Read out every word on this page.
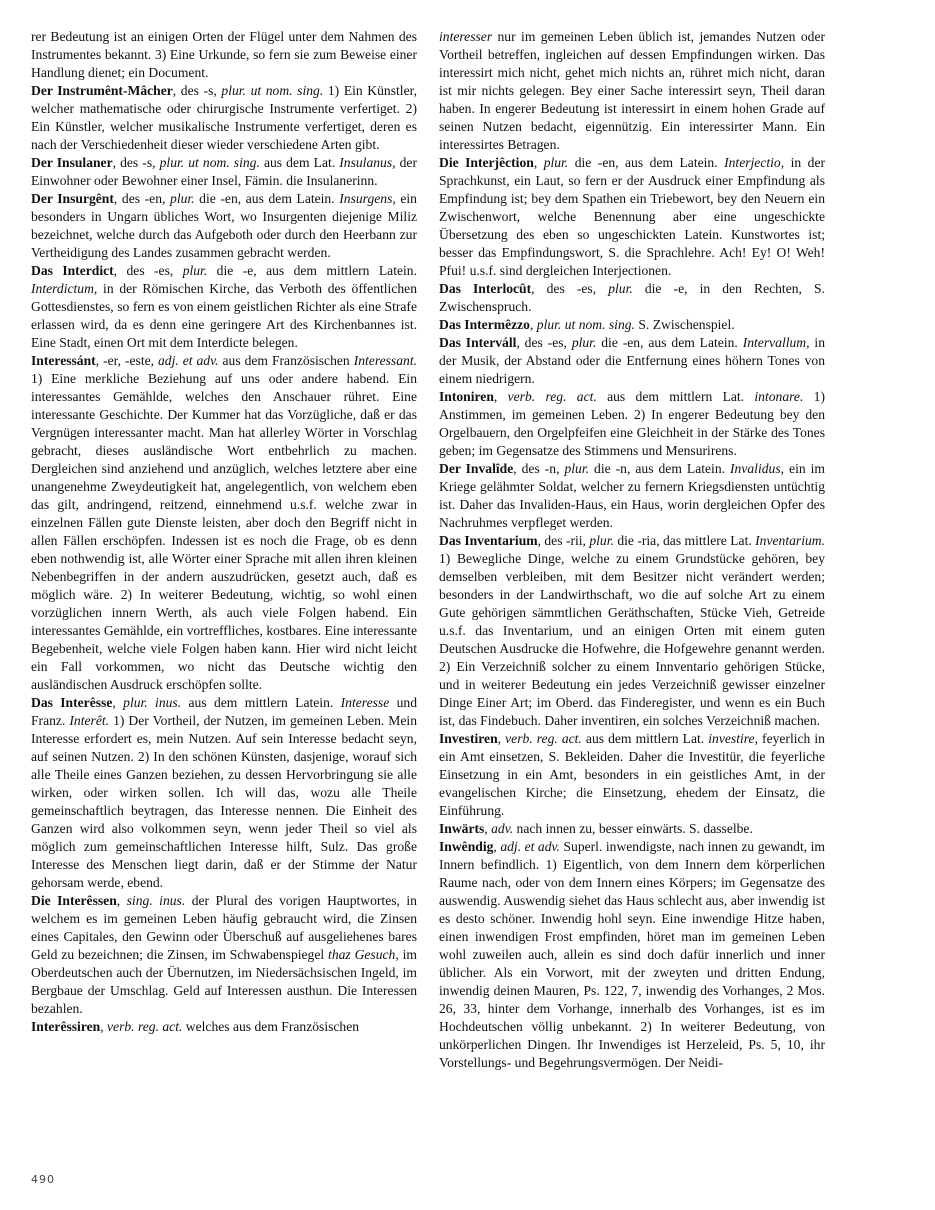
rer Bedeutung ist an einigen Orten der Flügel unter dem Nahmen des Instrumentes bekannt. 3) Eine Urkunde, so fern sie zum Beweise einer Handlung dienet; ein Document.

Der Instrumênt-Mâcher, des -s, plur. ut nom. sing. 1) Ein Künstler, welcher mathematische oder chirurgische Instrumente verfertiget. 2) Ein Künstler, welcher musikalische Instrumente verfertiget, deren es nach der Verschiedenheit dieser wieder verschiedene Arten gibt.

Der Insulaner, des -s, plur. ut nom. sing. aus dem Lat. Insulanus, der Einwohner oder Bewohner einer Insel, Fämin. die Insulanerinn.

Der Insurgênt, des -en, plur. die -en, aus dem Latein. Insurgens, ein besonders in Ungarn übliches Wort, wo Insurgenten diejenige Miliz bezeichnet, welche durch das Aufgeboth oder durch den Heerbann zur Vertheidigung des Landes zusammen gebracht werden.

Das Interdict, des -es, plur. die -e, aus dem mittlern Latein. Interdictum, in der Römischen Kirche, das Verboth des öffentlichen Gottesdienstes, so fern es von einem geistlichen Richter als eine Strafe erlassen wird, da es denn eine geringere Art des Kirchenbannes ist. Eine Stadt, einen Ort mit dem Interdicte belegen.

Interessánt, -er, -este, adj. et adv. aus dem Französischen Interessant. 1) Eine merkliche Beziehung auf uns oder andere habend. Ein interessantes Gemählde, welches den Anschauer rühret. Eine interessante Geschichte. Der Kummer hat das Vorzügliche, daß er das Vergnügen interessanter macht. Man hat allerley Wörter in Vorschlag gebracht, dieses ausländische Wort entbehrlich zu machen. Dergleichen sind anziehend und anzüglich, welches letztere aber eine unangenehme Zweydeutigkeit hat, angelegentlich, von welchem eben das gilt, andringend, reitzend, einnehmend u.s.f. welche zwar in einzelnen Fällen gute Dienste leisten, aber doch den Begriff nicht in allen Fällen erschöpfen. Indessen ist es noch die Frage, ob es denn eben nothwendig ist, alle Wörter einer Sprache mit allen ihren kleinen Nebenbegriffen in der andern auszudrücken, gesetzt auch, daß es möglich wäre. 2) In weiterer Bedeutung, wichtig, so wohl einen vorzüglichen innern Werth, als auch viele Folgen habend. Ein interessantes Gemählde, ein vortreffliches, kostbares. Eine interessante Begebenheit, welche viele Folgen haben kann. Hier wird nicht leicht ein Fall vorkommen, wo nicht das Deutsche wichtig den ausländischen Ausdruck erschöpfen sollte.

Das Interêsse, plur. inus. aus dem mittlern Latein. Interesse und Franz. Interêt. 1) Der Vortheil, der Nutzen, im gemeinen Leben. Mein Interesse erfordert es, mein Nutzen. Auf sein Interesse bedacht seyn, auf seinen Nutzen. 2) In den schönen Künsten, dasjenige, worauf sich alle Theile eines Ganzen beziehen, zu dessen Hervorbringung sie alle wirken, oder wirken sollen. Ich will das, wozu alle Theile gemeinschaftlich beytragen, das Interesse nennen. Die Einheit des Ganzen wird also volkommen seyn, wenn jeder Theil so viel als möglich zum gemeinschaftlichen Interesse hilft, Sulz. Das große Interesse des Menschen liegt darin, daß er der Stimme der Natur gehorsam werde, ebend.

Die Interêssen, sing. inus. der Plural des vorigen Hauptwortes, in welchem es im gemeinen Leben häufig gebraucht wird, die Zinsen eines Capitales, den Gewinn oder Überschuß auf ausgeliehenes bares Geld zu bezeichnen; die Zinsen, im Schwabenspiegel thaz Gesuch, im Oberdeutschen auch der Übernutzen, im Niedersächsischen Ingeld, im Bergbaue der Umschlag. Geld auf Interessen austhun. Die Interessen bezahlen.

Interêssiren, verb. reg. act. welches aus dem Französischen

interesser nur im gemeinen Leben üblich ist, jemandes Nutzen oder Vortheil betreffen, ingleichen auf dessen Empfindungen wirken. Das interessirt mich nicht, gehet mich nichts an, rühret mich nicht, daran ist mir nichts gelegen. Bey einer Sache interessirt seyn, Theil daran haben. In engerer Bedeutung ist interessirt in einem hohen Grade auf seinen Nutzen bedacht, eigennützig. Ein interessirter Mann. Ein interessirtes Betragen.

Die Interjêction, plur. die -en, aus dem Latein. Interjectio, in der Sprachkunst, ein Laut, so fern er der Ausdruck einer Empfindung als Empfindung ist; bey dem Spathen ein Triebewort, bey den Neuern ein Zwischenwort, welche Benennung aber eine ungeschickte Übersetzung des eben so ungeschickten Latein. Kunstwortes ist; besser das Empfindungswort, S. die Sprachlehre. Ach! Ey! O! Weh! Pfui! u.s.f. sind dergleichen Interjectionen.

Das Interlocût, des -es, plur. die -e, in den Rechten, S. Zwischenspruch.

Das Intermêzzo, plur. ut nom. sing. S. Zwischenspiel.

Das Interváll, des -es, plur. die -en, aus dem Latein. Intervallum, in der Musik, der Abstand oder die Entfernung eines höhern Tones von einem niedrigern.

Intoniren, verb. reg. act. aus dem mittlern Lat. intonare. 1) Anstimmen, im gemeinen Leben. 2) In engerer Bedeutung bey den Orgelbauern, den Orgelpfeifen eine Gleichheit in der Stärke des Tones geben; im Gegensatze des Stimmens und Mensurirens.

Der Invalîde, des -n, plur. die -n, aus dem Latein. Invalidus, ein im Kriege gelähmter Soldat, welcher zu fernern Kriegsdiensten untüchtig ist. Daher das Invaliden-Haus, ein Haus, worin dergleichen Opfer des Nachruhmes verpfleget werden.

Das Inventarium, des -rii, plur. die -ria, das mittlere Lat. Inventarium. 1) Bewegliche Dinge, welche zu einem Grundstücke gehören, bey demselben verbleiben, mit dem Besitzer nicht verändert werden; besonders in der Landwirthschaft, wo die auf solche Art zu einem Gute gehörigen sämmtlichen Geräthschaften, Stücke Vieh, Getreide u.s.f. das Inventarium, und an einigen Orten mit einem guten Deutschen Ausdrucke die Hofwehre, die Hofgewehre genannt werden. 2) Ein Verzeichniß solcher zu einem Innventario gehörigen Stücke, und in weiterer Bedeutung ein jedes Verzeichniß gewisser einzelner Dinge Einer Art; im Oberd. das Finderegister, und wenn es ein Buch ist, das Findebuch. Daher inventiren, ein solches Verzeichniß machen.

Investiren, verb. reg. act. aus dem mittlern Lat. investire, feyerlich in ein Amt einsetzen, S. Bekleiden. Daher die Investitür, die feyerliche Einsetzung in ein Amt, besonders in ein geistliches Amt, in der evangelischen Kirche; die Einsetzung, ehedem der Einsatz, die Einführung.

Inwärts, adv. nach innen zu, besser einwärts. S. dasselbe.

Inwêndig, adj. et adv. Superl. inwendigste, nach innen zu gewandt, im Innern befindlich. 1) Eigentlich, von dem Innern dem körperlichen Raume nach, oder von dem Innern eines Körpers; im Gegensatze des auswendig. Auswendig siehet das Haus schlecht aus, aber inwendig ist es desto schöner. Inwendig hohl seyn. Eine inwendige Hitze haben, einen inwendigen Frost empfinden, höret man im gemeinen Leben wohl zuweilen auch, allein es sind doch dafür innerlich und inner üblicher. Als ein Vorwort, mit der zweyten und dritten Endung, inwendig deinen Mauren, Ps. 122, 7, inwendig des Vorhanges, 2 Mos. 26, 33, hinter dem Vorhange, innerhalb des Vorhanges, ist es im Hochdeutschen völlig unbekannt. 2) In weiterer Bedeutung, von unkörperlichen Dingen. Ihr Inwendiges ist Herzeleid, Ps. 5, 10, ihr Vorstellungs- und Begehrungsvermögen. Der Neidi-

490
